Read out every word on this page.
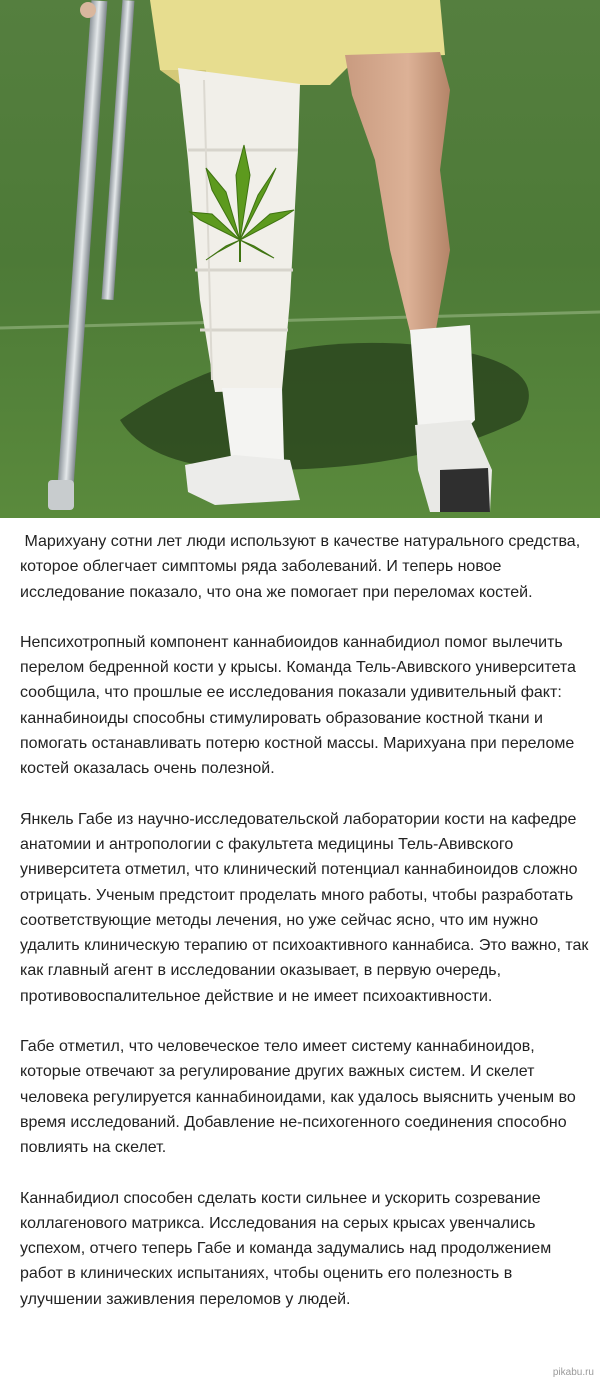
Марихуану сотни лет люди используют в качестве натурального средства, которое облегчает симптомы ряда заболеваний. И теперь новое исследование показало, что она же помогает при переломах костей.

Непсихотропный компонент каннабиоидов каннабидиол помог вылечить перелом бедренной кости у крысы. Команда Тель-Авивского университета сообщила, что прошлые ее исследования показали удивительный факт: каннабиноиды способны стимулировать образование костной ткани и помогать останавливать потерю костной массы. Марихуана при переломе костей оказалась очень полезной.

Янкель Габе из научно-исследовательской лаборатории кости на кафедре анатомии и антропологии с факультета медицины Тель-Авивского университета отметил, что клинический потенциал каннабиноидов сложно отрицать. Ученым предстоит проделать много работы, чтобы разработать соответствующие методы лечения, но уже сейчас ясно, что им нужно удалить клиническую терапию от психоактивного каннабиса. Это важно, так как главный агент в исследовании оказывает, в первую очередь, противовоспалительное действие и не имеет психоактивности.

Габе отметил, что человеческое тело имеет систему каннабиноидов, которые отвечают за регулирование других важных систем. И скелет человека регулируется каннабиноидами, как удалось выяснить ученым во время исследований. Добавление не-психогенного соединения способно повлиять на скелет.

Каннабидиол способен сделать кости сильнее и ускорить созревание коллагенового матрикса. Исследования на серых крысах увенчались успехом, отчего теперь Габе и команда задумались над продолжением работ в клинических испытаниях, чтобы оценить его полезность в улучшении заживления переломов у людей.

pikabu.ru
